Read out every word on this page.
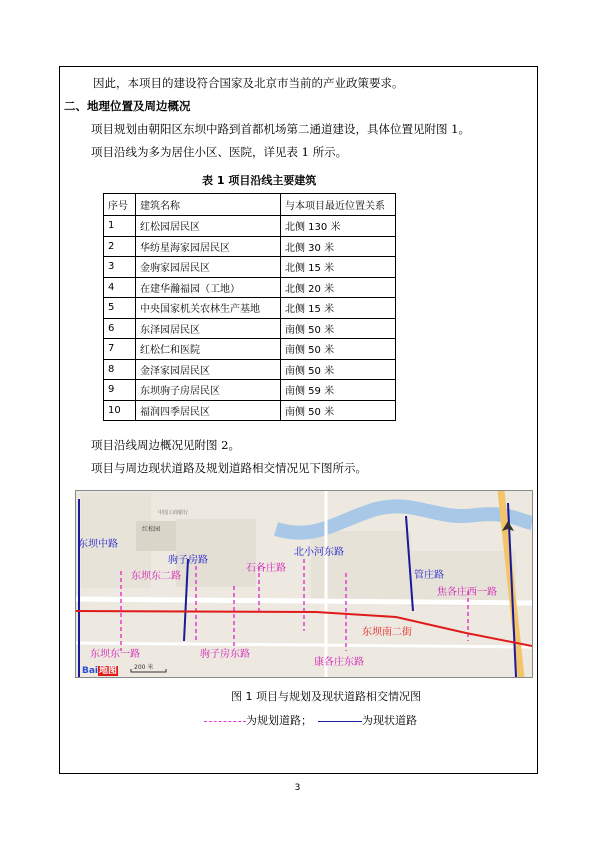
因此，本项目的建设符合国家及北京市当前的产业政策要求。
二、地理位置及周边概况
项目规划由朝阳区东坝中路到首都机场第二通道建设，具体位置见附图 1。
项目沿线为多为居住小区、医院，详见表 1 所示。
表 1 项目沿线主要建筑
序号	建筑名称	与本项目最近位置关系
1	红松园居民区	北侧 130 米
2	华纺星海家园居民区	北侧 30 米
3	金驹家园居民区	北侧 15 米
4	在建华瀚福园（工地）	北侧 20 米
5	中央国家机关农林生产基地	北侧 15 米
6	东泽园居民区	南侧 50 米
7	红松仁和医院	南侧 50 米
8	金泽家园居民区	南侧 50 米
9	东坝驹子房居民区	南侧 59 米
10	福润四季居民区	南侧 50 米
项目沿线周边概况见附图 2。
项目与周边现状道路及规划道路相交情况见下图所示。
中国工商银行
红松园
东坝中路
驹子房路
北小河东路
管庄路
东坝东二路
石各庄路
焦各庄西一路
东坝南二街
东坝东一路	驹子房东路
康各庄东路
Bai地图	200 米
图 1 项目与规划及现状道路相交情况图
为规划道路；	为现状道路
3
